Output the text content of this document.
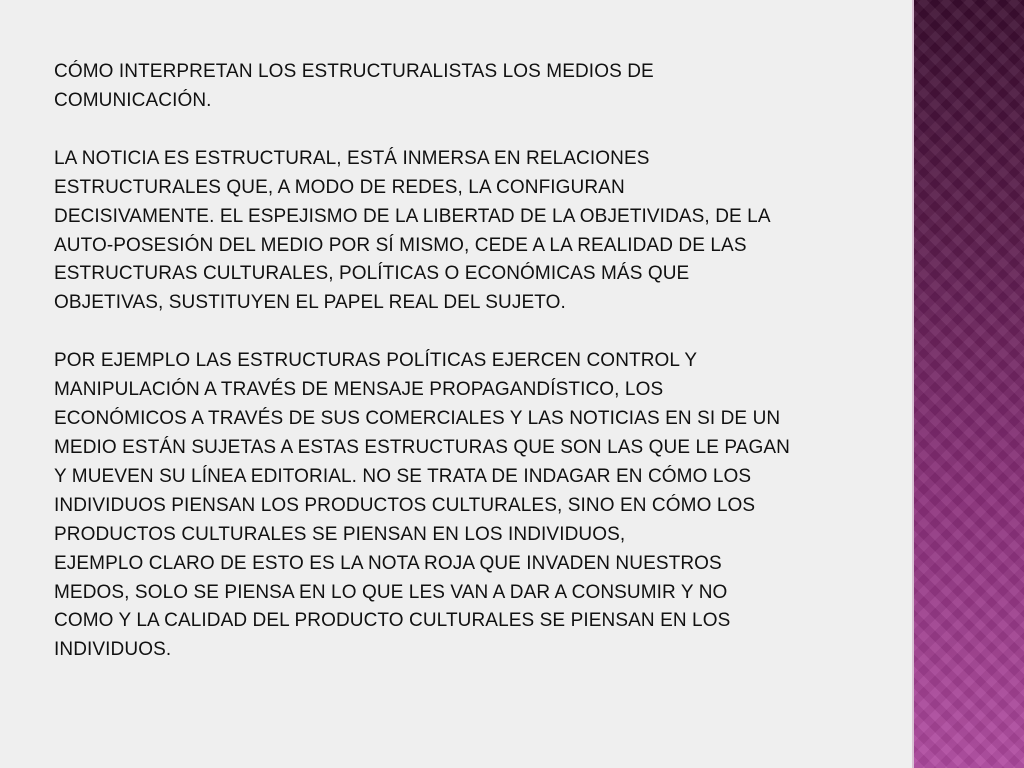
CÓMO INTERPRETAN LOS ESTRUCTURALISTAS LOS MEDIOS DE
COMUNICACIÓN.

LA NOTICIA ES ESTRUCTURAL, ESTÁ INMERSA EN RELACIONES
ESTRUCTURALES QUE, A MODO DE REDES, LA CONFIGURAN
DECISIVAMENTE. EL ESPEJISMO DE LA LIBERTAD DE LA OBJETIVIDAS, DE LA
AUTO-POSESIÓN DEL MEDIO POR SÍ MISMO, CEDE A LA REALIDAD DE LAS
ESTRUCTURAS CULTURALES, POLÍTICAS O ECONÓMICAS MÁS QUE
OBJETIVAS, SUSTITUYEN EL PAPEL REAL DEL SUJETO.

POR EJEMPLO LAS ESTRUCTURAS POLÍTICAS EJERCEN CONTROL Y
MANIPULACIÓN A TRAVÉS DE MENSAJE PROPAGANDÍSTICO, LOS
ECONÓMICOS A TRAVÉS DE SUS COMERCIALES Y LAS NOTICIAS EN SI DE UN
MEDIO ESTÁN SUJETAS A ESTAS ESTRUCTURAS QUE SON LAS QUE LE PAGAN
Y MUEVEN SU LÍNEA EDITORIAL. NO SE TRATA DE INDAGAR EN CÓMO LOS
INDIVIDUOS PIENSAN LOS PRODUCTOS CULTURALES, SINO EN CÓMO LOS
PRODUCTOS CULTURALES SE PIENSAN EN LOS INDIVIDUOS,

EJEMPLO CLARO DE ESTO ES LA NOTA ROJA QUE INVADEN NUESTROS
MEDOS, SOLO SE PIENSA EN LO QUE LES VAN A DAR A CONSUMIR Y NO
COMO Y LA CALIDAD DEL PRODUCTO CULTURALES SE PIENSAN EN LOS
INDIVIDUOS.
